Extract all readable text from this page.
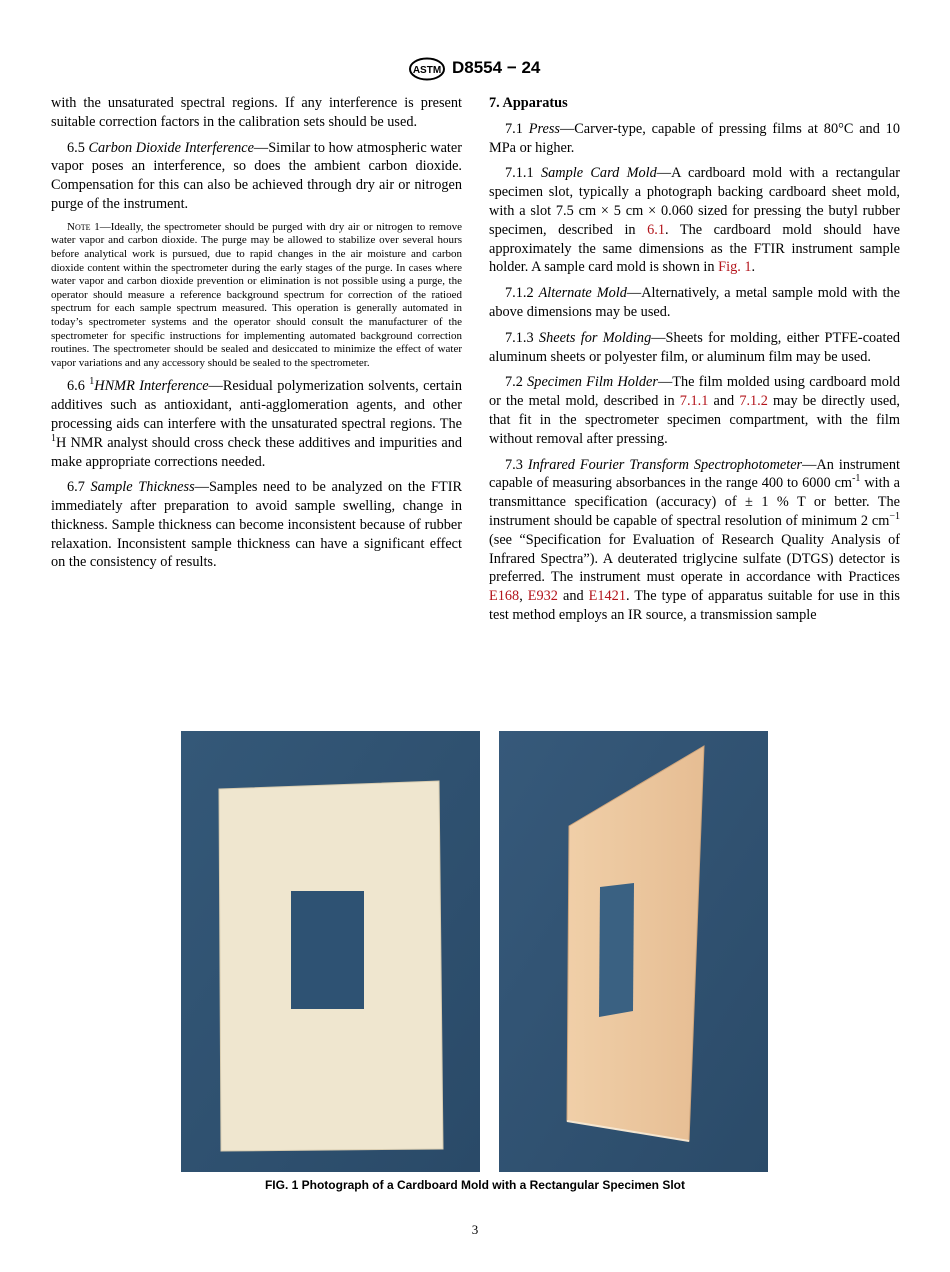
ASTM D8554 − 24

with the unsaturated spectral regions. If any interference is present suitable correction factors in the calibration sets should be used.

6.5 Carbon Dioxide Interference—Similar to how atmospheric water vapor poses an interference, so does the ambient carbon dioxide. Compensation for this can also be achieved through dry air or nitrogen purge of the instrument.

Note 1—Ideally, the spectrometer should be purged with dry air or nitrogen to remove water vapor and carbon dioxide. The purge may be allowed to stabilize over several hours before analytical work is pursued, due to rapid changes in the air moisture and carbon dioxide content within the spectrometer during the early stages of the purge. In cases where water vapor and carbon dioxide prevention or elimination is not possible using a purge, the operator should measure a reference background spectrum for correction of the ratioed spectrum for each sample spectrum measured. This operation is generally automated in today’s spectrometer systems and the operator should consult the manufacturer of the spectrometer for specific instructions for implementing automated background correction routines. The spectrometer should be sealed and desiccated to minimize the effect of water vapor variations and any accessory should be sealed to the spectrometer.

6.6 $^1$HNMR Interference—Residual polymerization solvents, certain additives such as antioxidant, anti-agglomeration agents, and other processing aids can interfere with the unsaturated spectral regions. The $^1$H NMR analyst should cross check these additives and impurities and make appropriate corrections needed.

6.7 Sample Thickness—Samples need to be analyzed on the FTIR immediately after preparation to avoid sample swelling, change in thickness. Sample thickness can become inconsistent because of rubber relaxation. Inconsistent sample thickness can have a significant effect on the consistency of results.

7. Apparatus

7.1 Press—Carver-type, capable of pressing films at 80°C and 10 MPa or higher.

7.1.1 Sample Card Mold—A cardboard mold with a rectangular specimen slot, typically a photograph backing cardboard sheet mold, with a slot 7.5 cm × 5 cm × 0.060 sized for pressing the butyl rubber specimen, described in 6.1. The cardboard mold should have approximately the same dimensions as the FTIR instrument sample holder. A sample card mold is shown in Fig. 1.

7.1.2 Alternate Mold—Alternatively, a metal sample mold with the above dimensions may be used.

7.1.3 Sheets for Molding—Sheets for molding, either PTFE-coated aluminum sheets or polyester film, or aluminum film may be used.

7.2 Specimen Film Holder—The film molded using cardboard mold or the metal mold, described in 7.1.1 and 7.1.2 may be directly used, that fit in the spectrometer specimen compartment, with the film without removal after pressing.

7.3 Infrared Fourier Transform Spectrophotometer—An instrument capable of measuring absorbances in the range 400 to 6000 $cm^{-1}$ with a transmittance specification (accuracy) of ± 1 % T or better. The instrument should be capable of spectral resolution of minimum 2 $cm^{-1}$ (see “Specification for Evaluation of Research Quality Analysis of Infrared Spectra”). A deuterated triglycine sulfate (DTGS) detector is preferred. The instrument must operate in accordance with Practices E168, E932 and E1421. The type of apparatus suitable for use in this test method employs an IR source, a transmission sample

FIG. 1 Photograph of a Cardboard Mold with a Rectangular Specimen Slot
3
